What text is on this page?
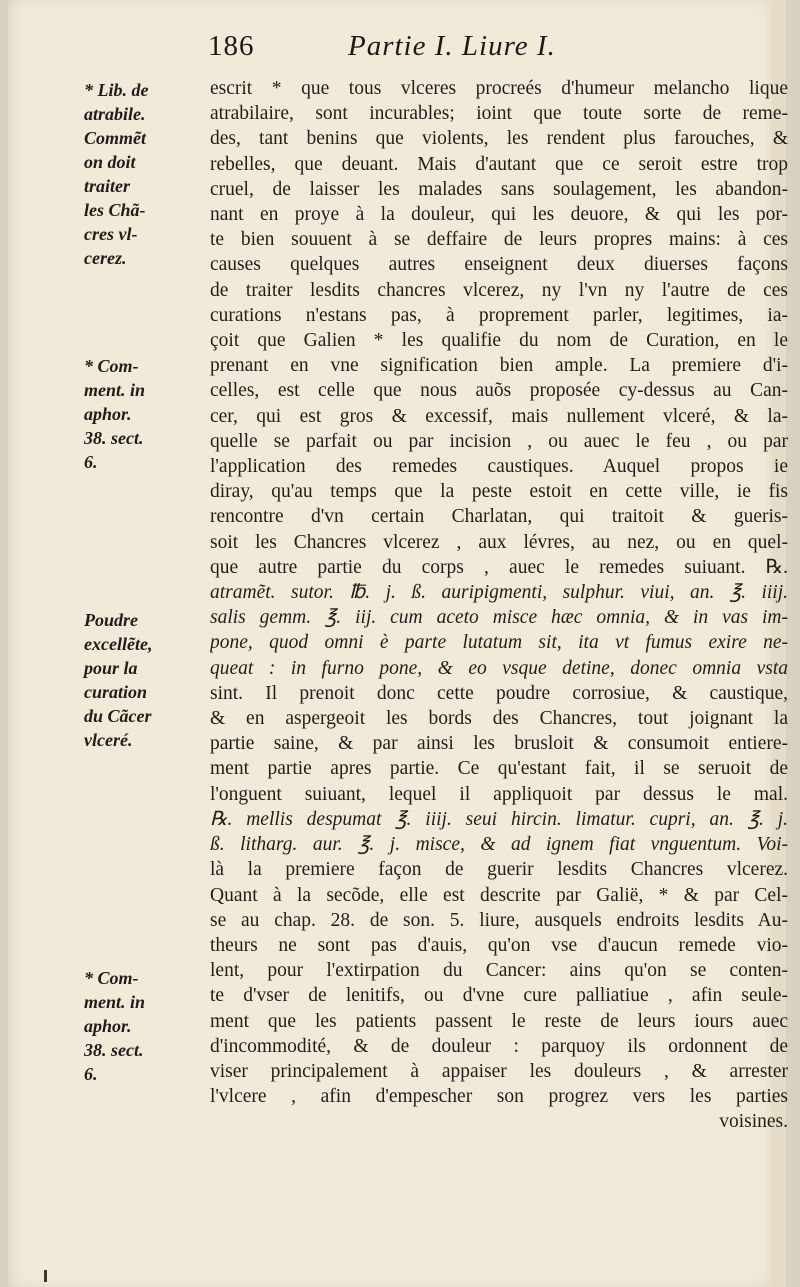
186	Partie I. Liure I.
* Lib. de
atrabile.
Commẽt
on doit
traiter
les Chã-
cres vl-
cerez.
* Com-
ment. in
aphor.
38. sect.
6.
Poudre
excellẽte,
pour la
curation
du Cãcer
vlceré.
* Com-
ment. in
aphor.
38. sect.
6.
escrit * que tous vlceres procreés d'humeur melancho lique
atrabilaire, sont incurables; ioint que toute sorte de reme-
des, tant benins que violents, les rendent plus farouches, &
rebelles, que deuant. Mais d'autant que ce seroit estre trop
cruel, de laisser les malades sans soulagement, les abandon-
nant en proye à la douleur, qui les deuore, & qui les por-
te bien souuent à se deffaire de leurs propres mains: à ces
causes quelques autres enseignent deux diuerses façons
de traiter lesdits chancres vlcerez, ny l'vn ny l'autre de ces
curations n'estans pas, à proprement parler, legitimes, ia-
çoit que Galien * les qualifie du nom de Curation, en le
prenant en vne signification bien ample. La premiere d'i-
celles, est celle que nous auõs proposée cy-dessus au Can-
cer, qui est gros & excessif, mais nullement vlceré, & la-
quelle se parfait ou par incision , ou auec le feu , ou par
l'application des remedes caustiques. Auquel propos ie
diray, qu'au temps que la peste estoit en cette ville, ie fis
rencontre d'vn certain Charlatan, qui traitoit & gueris-
soit les Chancres vlcerez , aux lévres, au nez, ou en quel-
que autre partie du corps , auec le remedes suiuant. ℞.
atramẽt. sutor. ℔. j. ß. auripigmenti, sulphur. viui, an. ℥. iiij.
salis gemm. ℥. iij. cum aceto misce hæc omnia, & in vas im-
pone, quod omni è parte lutatum sit, ita vt fumus exire ne-
queat : in furno pone, & eo vsque detine, donec omnia vsta
sint. Il prenoit donc cette poudre corrosiue, & caustique,
& en aspergeoit les bords des Chancres, tout joignant la
partie saine, & par ainsi les brusloit & consumoit entiere-
ment partie apres partie. Ce qu'estant fait, il se seruoit de
l'onguent suiuant, lequel il appliquoit par dessus le mal.
℞. mellis despumat ℥. iiij. seui hircin. limatur. cupri, an. ℥. j.
ß. litharg. aur. ℥. j. misce, & ad ignem fiat vnguentum. Voi-
là la premiere façon de guerir lesdits Chancres vlcerez.
Quant à la secõde, elle est descrite par Galië, * & par Cel-
se au chap. 28. de son. 5. liure, ausquels endroits lesdits Au-
theurs ne sont pas d'auis, qu'on vse d'aucun remede vio-
lent, pour l'extirpation du Cancer: ains qu'on se conten-
te d'vser de lenitifs, ou d'vne cure palliatiue , afin seule-
ment que les patients passent le reste de leurs iours auec
d'incommodité, & de douleur : parquoy ils ordonnent de
viser principalement à appaiser les douleurs , & arrester
l'vlcere , afin d'empescher son progrez vers les parties
voisines.
